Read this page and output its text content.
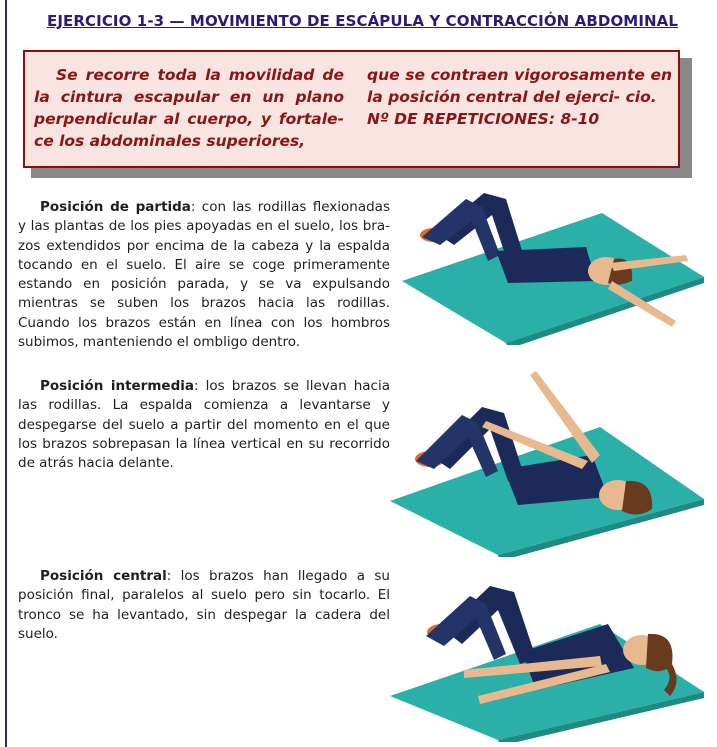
EJERCICIO 1-3 — MOVIMIENTO DE ESCÁPULA Y CONTRACCIÓN ABDOMINAL

Se recorre toda la movilidad de la cintura escapular en un plano perpendicular al cuerpo, y fortale- ce los abdominales superiores,

que se contraen vigorosamente en la posición central del ejerci- cio.

Nº DE REPETICIONES: 8-10

Posición de partida: con las rodillas flexionadas y las plantas de los pies apoyadas en el suelo, los bra- zos extendidos por encima de la cabeza y la espalda tocando en el suelo. El aire se coge primeramente estando en posición parada, y se va expulsando mientras se suben los brazos hacia las rodillas. Cuando los brazos están en línea con los hombros subimos, manteniendo el ombligo dentro.

Posición intermedia: los brazos se llevan hacia las rodillas. La espalda comienza a levantarse y despegarse del suelo a partir del momento en el que los brazos sobrepasan la línea vertical en su recorrido de atrás hacia delante.

Posición central: los brazos han llegado a su posición final, paralelos al suelo pero sin tocarlo. El tronco se ha levantado, sin despegar la cadera del suelo.
